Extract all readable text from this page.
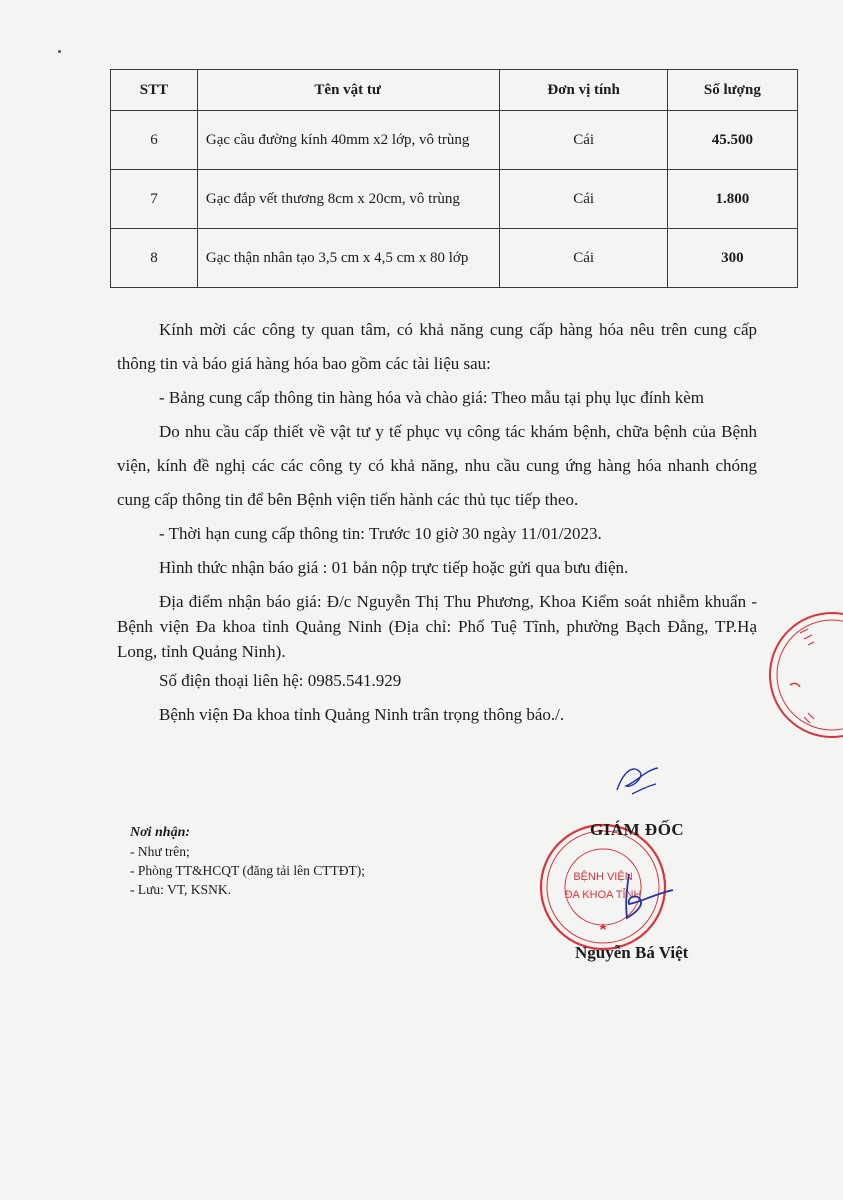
STT	Tên vật tư	Đơn vị tính	Số lượng
6	Gạc cầu đường kính 40mm x2 lớp, vô trùng	Cái	45.500
7	Gạc đắp vết thương 8cm x 20cm, vô trùng	Cái	1.800
8	Gạc thận nhân tạo 3,5 cm x 4,5 cm x 80 lớp	Cái	300

Kính mời các công ty quan tâm, có khả năng cung cấp hàng hóa nêu trên cung cấp thông tin và báo giá hàng hóa bao gồm các tài liệu sau:

- Bảng cung cấp thông tin hàng hóa và chào giá: Theo mẫu tại phụ lục đính kèm

Do nhu cầu cấp thiết về vật tư y tế phục vụ công tác khám bệnh, chữa bệnh của Bệnh viện, kính đề nghị các các công ty có khả năng, nhu cầu cung ứng hàng hóa nhanh chóng cung cấp thông tin để bên Bệnh viện tiến hành các thủ tục tiếp theo.

- Thời hạn cung cấp thông tin: Trước 10 giờ 30 ngày 11/01/2023.

Hình thức nhận báo giá : 01 bản nộp trực tiếp hoặc gửi qua bưu điện.

Địa điểm nhận báo giá: Đ/c Nguyễn Thị Thu Phương, Khoa Kiểm soát nhiễm khuẩn - Bệnh viện Đa khoa tỉnh Quảng Ninh (Địa chỉ: Phố Tuệ Tĩnh, phường Bạch Đằng, TP.Hạ Long, tỉnh Quảng Ninh).

Số điện thoại liên hệ: 0985.541.929

Bệnh viện Đa khoa tỉnh Quảng Ninh trân trọng thông báo./.

Nơi nhận:
- Như trên;
- Phòng TT&HCQT (đăng tải lên CTTĐT);
- Lưu: VT, KSNK.
BỆNH VIỆN
ĐA KHOA TỈNH
GIÁM ĐỐC
Nguyễn Bá Việt
